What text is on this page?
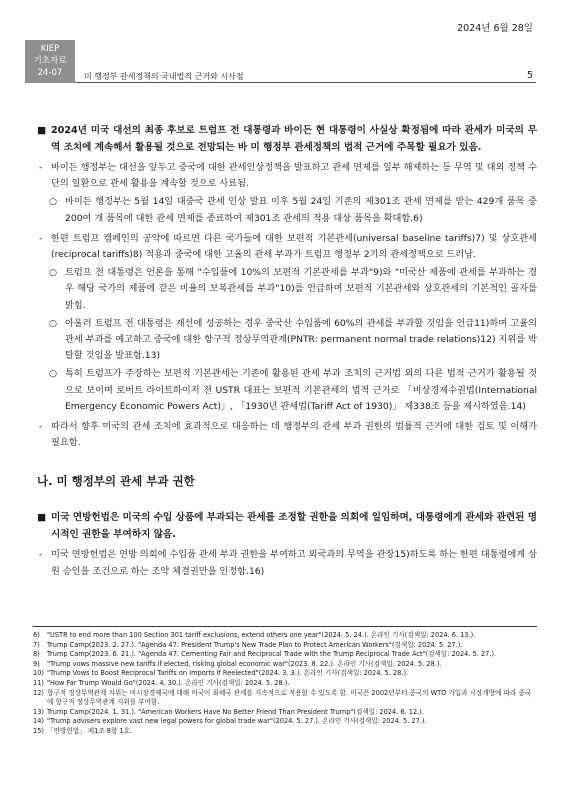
2024년 6월 28일
KIEP
기초자료
24-07	미 행정부 관세정책의 국내법적 근거와 시사점	5

■ 2024년 미국 대선의 최종 후보로 트럼프 전 대통령과 바이든 현 대통령이 사실상 확정됨에 따라 관세가 미국의 무역 조치에 계속해서 활용될 것으로 전망되는 바 미 행정부 관세정책의 법적 근거에 주목할 필요가 있음.

- 바이든 행정부는 대선을 앞두고 중국에 대한 관세인상정책을 발표하고 관세 면제를 일부 해제하는 등 무역 및 대외 정책 수단의 일환으로 관세 활용을 계속할 것으로 사료됨.

○ 바이든 행정부는 5월 14일 대중국 관세 인상 발표 이후 5월 24일 기존의 제301조 관세 면제를 받는 429개 품목 중 200여 개 품목에 대한 관세 면제를 종료하여 제301조 관세의 적용 대상 품목을 확대함.6)

- 한편 트럼프 캠페인의 공약에 따르면 다른 국가들에 대한 보편적 기본관세(universal baseline tariffs)7) 및 상호관세(reciprocal tariffs)8) 적용과 중국에 대한 고율의 관세 부과가 트럼프 행정부 2기의 관세정책으로 드러남.

○ 트럼프 전 대통령은 언론을 통해 "수입품에 10%의 보편적 기본관세를 부과"9)와 "미국산 제품에 관세를 부과하는 경우 해당 국가의 제품에 같은 비율의 보복관세를 부과"10)를 언급하며 보편적 기본관세와 상호관세의 기본적인 골자를 밝힘.

○ 아울러 트럼프 전 대통령은 재선에 성공하는 경우 중국산 수입품에 60%의 관세를 부과할 것임을 언급11)하며 고율의 관세 부과를 예고하고 중국에 대한 항구적 정상무역관계(PNTR: permanent normal trade relations)12) 지위를 박탈할 것임을 발표함.13)

○ 특히 트럼프가 주장하는 보편적 기본관세는 기존에 활용된 관세 부과 조치의 근거법 외의 다른 법적 근거가 활용될 것으로 보이며 로버트 라이트하이저 전 USTR 대표는 보편적 기본관세의 법적 근거로 「비상경제수권법(International Emergency Economic Powers Act)」, 「1930년 관세법(Tariff Act of 1930)」 제338조 등을 제시하였음.14)

- 따라서 향후 미국의 관세 조치에 효과적으로 대응하는 데 행정부의 관세 부과 권한의 법률적 근거에 대한 검토 및 이해가 필요함.

나. 미 행정부의 관세 부과 권한

■ 미국 연방헌법은 미국의 수입 상품에 부과되는 관세를 조정할 권한을 의회에 일임하며, 대통령에게 관세와 관련된 명시적인 권한을 부여하지 않음.

- 미국 연방헌법은 연방 의회에 수입품 관세 부과 권한을 부여하고 외국과의 무역을 관장15)하도록 하는 한편 대통령에게 상원 승인을 조건으로 하는 조약 체결권만을 인정함.16)

6) "USTR to end more than 100 Section 301 tariff exclusions, extend others one year"(2024. 5. 24.). 온라인 기사(검색일: 2024. 6. 13.).

7) Trump Camp(2023. 2. 27.). "Agenda 47: President Trump's New Trade Plan to Protect American Workers"(검색일: 2024. 5. 27.).

8) Trump Camp(2023. 6. 21.). "Agenda 47: Cementing Fair and Reciprocal Trade with the Trump Reciprocal Trade Act"(검색일: 2024. 5. 27.).

9) "Trump vows massive new tariffs if elected, risking global economic war"(2023. 8. 22.). 온라인 기사(검색일: 2024. 5. 28.).

10) "Trump Vows to Boost Reciprocal Tariffs on Imports If Reelected"(2024. 3. 3.). 온라인 기사(검색일: 2024. 5. 28.).

11) "How Far Trump Would Go"(2024. 4. 30.). 온라인 기사(검색일: 2024. 5. 28.).

12) 항구적 정상무역관계 지위는 비시장경제국에 대해 미국이 최혜국 관세를 지속적으로 적용할 수 있도록 함. 미국은 2002년부터 중국의 WTO 가입과 시장개방에 따라 중국에 항구적 정상무역관계 지위를 부여함.

13) Trump Camp(2024. 1. 31.). "American Workers Have No Better Friend Than President Trump"(검색일: 2024. 6. 12.).

14) "Trump advisers explore vast new legal powers for global trade war"(2024. 5. 27.). 온라인 기사(검색일: 2024. 5. 27.).

15) 「연방헌법」 제1조 8항 1호.
